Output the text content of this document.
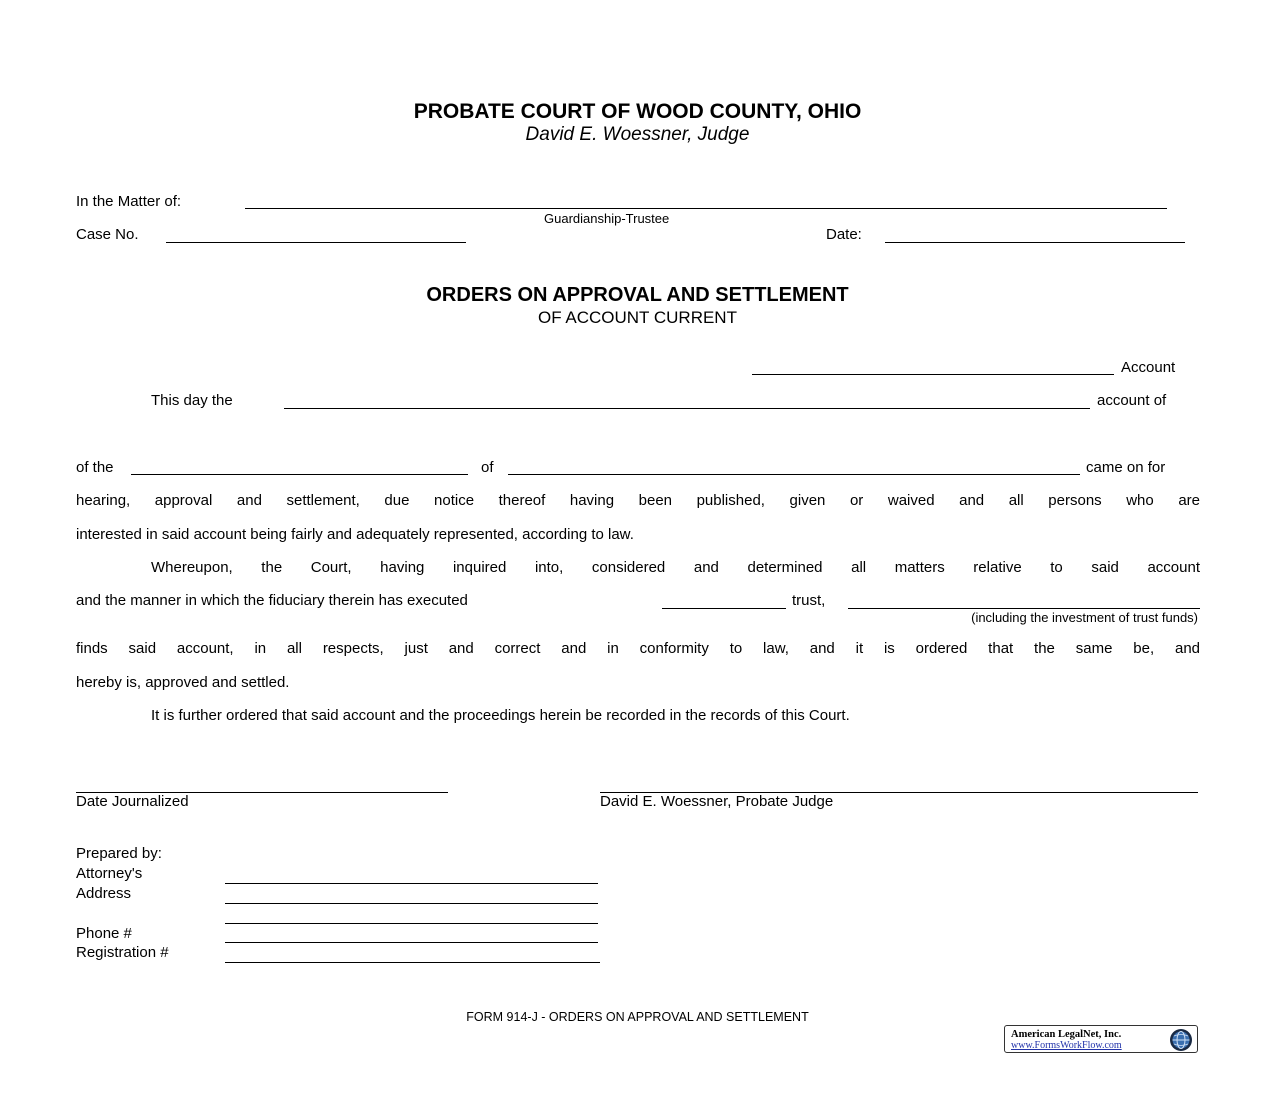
PROBATE COURT OF WOOD COUNTY, OHIO
David E. Woessner, Judge
In the Matter of:
Guardianship-Trustee
Case No.	Date:
ORDERS ON APPROVAL AND SETTLEMENT
OF ACCOUNT CURRENT
Account
This day the	account of
of the	of	came on for
hearing, approval and settlement, due notice thereof having been published, given or waived and all persons who are
interested in said account being fairly and adequately represented, according to law.
Whereupon, the Court, having inquired into, considered and determined all matters relative to said account
and the manner in which the fiduciary therein has executed	trust,
(including the investment of trust funds)
finds said account, in all respects, just and correct and in conformity to law, and it is ordered that the same be, and
hereby is, approved and settled.
It is further ordered that said account and the proceedings herein be recorded in the records of this Court.
Date Journalized	David E. Woessner, Probate Judge
Prepared by:
Attorney's
Address
Phone #
Registration #
FORM 914-J - ORDERS ON APPROVAL AND SETTLEMENT
American LegalNet, Inc.
www.FormsWorkFlow.com
